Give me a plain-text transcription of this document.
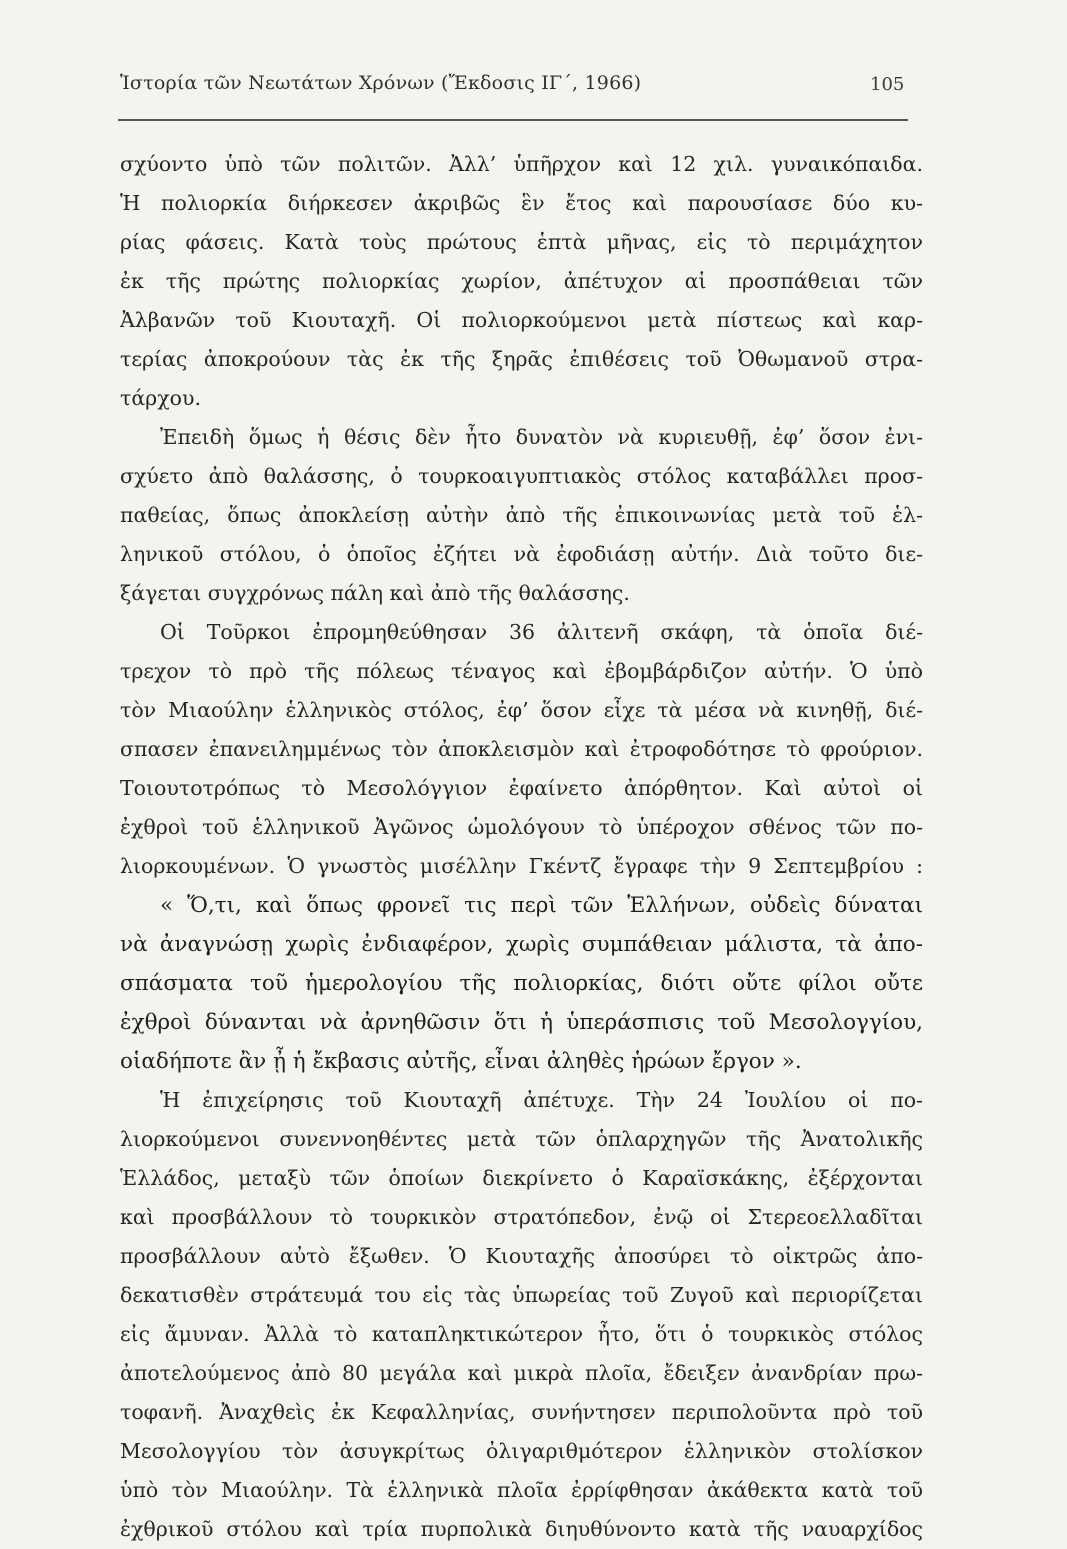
Ἱστορία τῶν Νεωτάτων Χρόνων (Ἔκδοσις ΙΓ΄, 1966)	105
σχύοντο ὑπὸ τῶν πολιτῶν. Ἀλλ’ ὑπῆρχον καὶ 12 χιλ. γυναικόπαιδα.
Ἡ πολιορκία διήρκεσεν ἀκριβῶς ἓν ἔτος καὶ παρουσίασε δύο κυ-
ρίας φάσεις. Κατὰ τοὺς πρώτους ἑπτὰ μῆνας, εἰς τὸ περιμάχητον
ἐκ τῆς πρώτης πολιορκίας χωρίον, ἀπέτυχον αἱ προσπάθειαι τῶν
Ἀλβανῶν τοῦ Κιουταχῆ. Οἱ πολιορκούμενοι μετὰ πίστεως καὶ καρ-
τερίας ἀποκρούουν τὰς ἐκ τῆς ξηρᾶς ἐπιθέσεις τοῦ Ὀθωμανοῦ στρα-
τάρχου.
Ἐπειδὴ ὅμως ἡ θέσις δὲν ἦτο δυνατὸν νὰ κυριευθῇ, ἐφ’ ὅσον ἐνι-
σχύετο ἀπὸ θαλάσσης, ὁ τουρκοαιγυπτιακὸς στόλος καταβάλλει προσ-
παθείας, ὅπως ἀποκλείσῃ αὐτὴν ἀπὸ τῆς ἐπικοινωνίας μετὰ τοῦ ἑλ-
ληνικοῦ στόλου, ὁ ὁποῖος ἐζήτει νὰ ἐφοδιάσῃ αὐτήν. Διὰ τοῦτο διε-
ξάγεται συγχρόνως πάλη καὶ ἀπὸ τῆς θαλάσσης.
Οἱ Τοῦρκοι ἐπρομηθεύθησαν 36 ἀλιτενῆ σκάφη, τὰ ὁποῖα διέ-
τρεχον τὸ πρὸ τῆς πόλεως τέναγος καὶ ἐβομβάρδιζον αὐτήν. Ὁ ὑπὸ
τὸν Μιαούλην ἑλληνικὸς στόλος, ἐφ’ ὅσον εἶχε τὰ μέσα νὰ κινηθῇ, διέ-
σπασεν ἐπανειλημμένως τὸν ἀποκλεισμὸν καὶ ἐτροφοδότησε τὸ φρούριον.
Τοιουτοτρόπως τὸ Μεσολόγγιον ἐφαίνετο ἀπόρθητον. Καὶ αὐτοὶ οἱ
ἐχθροὶ τοῦ ἑλληνικοῦ Ἀγῶνος ὡμολόγουν τὸ ὑπέροχον σθένος τῶν πο-
λιορκουμένων. Ὁ γνωστὸς μισέλλην Γκέντζ ἔγραφε τὴν 9 Σεπτεμβρίου :
« Ὅ,τι, καὶ ὅπως φρονεῖ τις περὶ τῶν Ἑλλήνων, οὐδεὶς δύναται
νὰ ἀναγνώσῃ χωρὶς ἐνδιαφέρον, χωρὶς συμπάθειαν μάλιστα, τὰ ἀπο-
σπάσματα τοῦ ἡμερολογίου τῆς πολιορκίας, διότι οὔτε φίλοι οὔτε
ἐχθροὶ δύνανται νὰ ἀρνηθῶσιν ὅτι ἡ ὑπεράσπισις τοῦ Μεσολογγίου,
οἱαδήποτε ἂν ᾖ ἡ ἔκβασις αὐτῆς, εἶναι ἀληθὲς ἡρώων ἔργον ».
Ἡ ἐπιχείρησις τοῦ Κιουταχῆ ἀπέτυχε. Τὴν 24 Ἰουλίου οἱ πο-
λιορκούμενοι συνεννοηθέντες μετὰ τῶν ὁπλαρχηγῶν τῆς Ἀνατολικῆς
Ἑλλάδος, μεταξὺ τῶν ὁποίων διεκρίνετο ὁ Καραϊσκάκης, ἐξέρχονται
καὶ προσβάλλουν τὸ τουρκικὸν στρατόπεδον, ἐνῷ οἱ Στερεοελλαδῖται
προσβάλλουν αὐτὸ ἔξωθεν. Ὁ Κιουταχῆς ἀποσύρει τὸ οἰκτρῶς ἀπο-
δεκατισθὲν στράτευμά του εἰς τὰς ὑπωρείας τοῦ Ζυγοῦ καὶ περιορίζεται
εἰς ἄμυναν. Ἀλλὰ τὸ καταπληκτικώτερον ἦτο, ὅτι ὁ τουρκικὸς στόλος
ἀποτελούμενος ἀπὸ 80 μεγάλα καὶ μικρὰ πλοῖα, ἔδειξεν ἀνανδρίαν πρω-
τοφανῆ. Ἀναχθεὶς ἐκ Κεφαλληνίας, συνήντησεν περιπολοῦντα πρὸ τοῦ
Μεσολογγίου τὸν ἀσυγκρίτως ὀλιγαριθμότερον ἑλληνικὸν στολίσκον
ὑπὸ τὸν Μιαούλην. Τὰ ἑλληνικὰ πλοῖα ἐρρίφθησαν ἀκάθεκτα κατὰ τοῦ
ἐχθρικοῦ στόλου καὶ τρία πυρπολικὰ διηυθύνοντο κατὰ τῆς ναυαρχίδος
